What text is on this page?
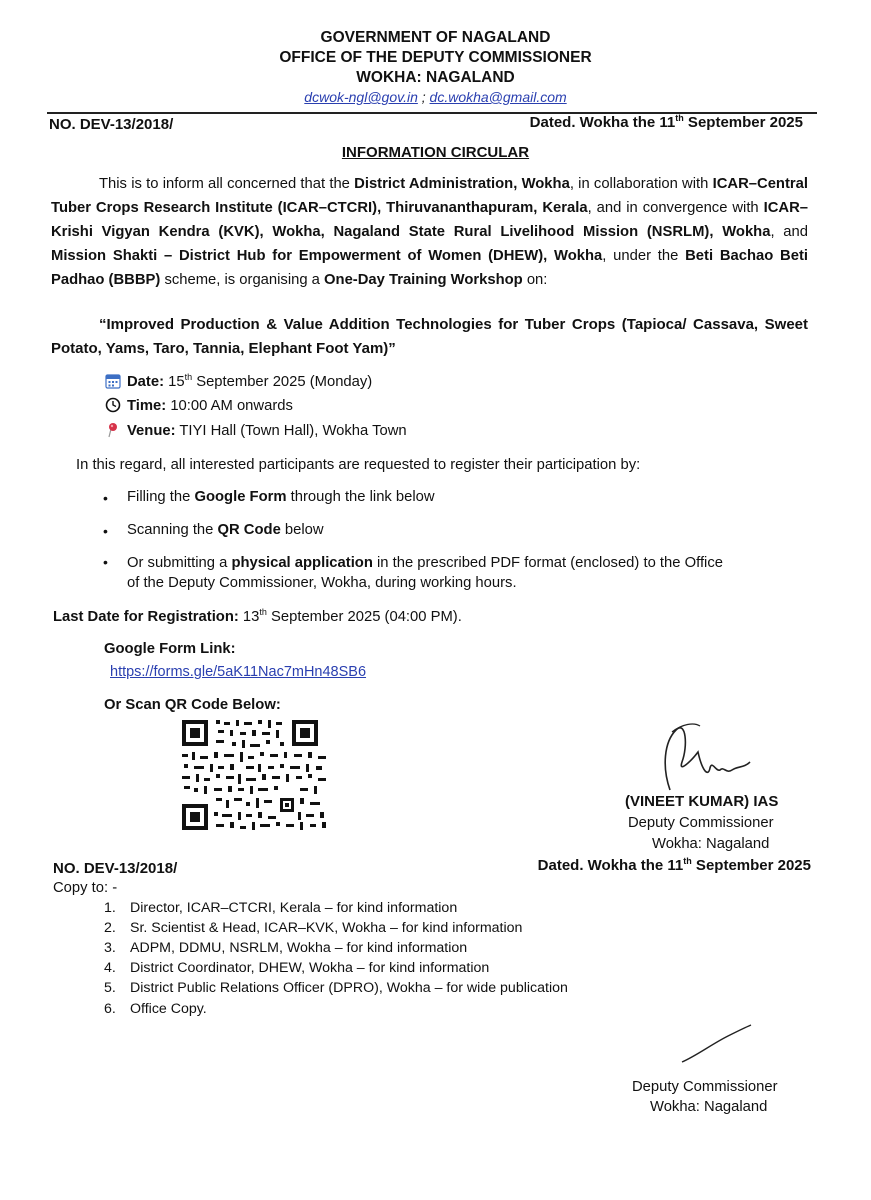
GOVERNMENT OF NAGALAND
OFFICE OF THE DEPUTY COMMISSIONER
WOKHA: NAGALAND
dcwok-ngl@gov.in ; dc.wokha@gmail.com
NO. DEV-13/2018/	Dated. Wokha the 11th September 2025
INFORMATION CIRCULAR
This is to inform all concerned that the District Administration, Wokha, in collaboration with ICAR–Central Tuber Crops Research Institute (ICAR–CTCRI), Thiruvananthapuram, Kerala, and in convergence with ICAR–Krishi Vigyan Kendra (KVK), Wokha, Nagaland State Rural Livelihood Mission (NSRLM), Wokha, and Mission Shakti – District Hub for Empowerment of Women (DHEW), Wokha, under the Beti Bachao Beti Padhao (BBBP) scheme, is organising a One-Day Training Workshop on:
“Improved Production & Value Addition Technologies for Tuber Crops (Tapioca/ Cassava, Sweet Potato, Yams, Taro, Tannia, Elephant Foot Yam)”
Date: 15th September 2025 (Monday)
Time: 10:00 AM onwards
Venue: TIYI Hall (Town Hall), Wokha Town
In this regard, all interested participants are requested to register their participation by:
• Filling the Google Form through the link below
• Scanning the QR Code below
• Or submitting a physical application in the prescribed PDF format (enclosed) to the Office
of the Deputy Commissioner, Wokha, during working hours.
Last Date for Registration: 13th September 2025 (04:00 PM).
Google Form Link:
https://forms.gle/5aK11Nac7mHn48SB6
Or Scan QR Code Below:
(VINEET KUMAR) IAS
Deputy Commissioner
Wokha: Nagaland
NO. DEV-13/2018/	Dated. Wokha the 11th September 2025
Copy to: -
1. Director, ICAR–CTCRI, Kerala – for kind information
2. Sr. Scientist & Head, ICAR–KVK, Wokha – for kind information
3. ADPM, DDMU, NSRLM, Wokha – for kind information
4. District Coordinator, DHEW, Wokha – for kind information
5. District Public Relations Officer (DPRO), Wokha – for wide publication
6. Office Copy.
Deputy Commissioner
Wokha: Nagaland
